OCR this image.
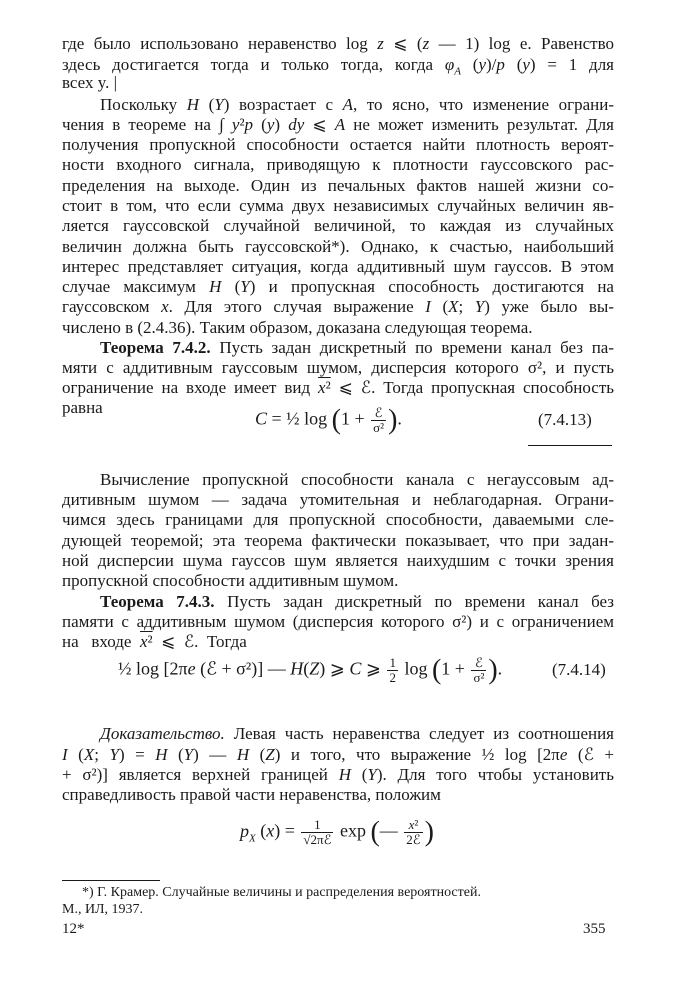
где было использовано неравенство log z ⩽ (z — 1) log e. Равенство
здесь достигается тогда и только тогда, когда $\varphi_A$ (y)/p (y) = 1 для
всех y. |
Поскольку H (Y) возрастает с A, то ясно, что изменение ограни-
чения в теореме на ∫ y²p (y) dy ⩽ A не может изменить результат. Для
получения пропускной способности остается найти плотность вероят-
ности входного сигнала, приводящую к плотности гауссовского рас-
пределения на выходе. Один из печальных фактов нашей жизни со-
стоит в том, что если сумма двух независимых случайных величин яв-
ляется гауссовской случайной величиной, то каждая из случайных
величин должна быть гауссовской*). Однако, к счастью, наибольший
интерес представляет ситуация, когда аддитивный шум гауссов. В этом
случае максимум H (Y) и пропускная способность достигаются на
гауссовском x. Для этого случая выражение I (X; Y) уже было вы-
числено в (2.4.36). Таким образом, доказана следующая теорема.
Теорема 7.4.2. Пусть задан дискретный по времени канал без па-
мяти с аддитивным гауссовым шумом, дисперсия которого σ², и пусть
ограничение на входе имеет вид x² ⩽ ℰ. Тогда пропускная способность
равна
C = ½ $\log (1 + \frac{\text{ℰ}}{\text{σ²}}$ ).	(7.4.13)
Вычисление пропускной способности канала с негауссовым ад-
дитивным шумом — задача утомительная и неблагодарная. Ограни-
чимся здесь границами для пропускной способности, даваемыми сле-
дующей теоремой; эта теорема фактически показывает, что при задан-
ной дисперсии шума гауссов шум является наихудшим с точки зрения
пропускной способности аддитивным шумом.
Теорема 7.4.3. Пусть задан дискретный по времени канал без
памяти с аддитивным шумом (дисперсия которого σ²) и с ограничением
на   входе  x²  ⩽  ℰ.  Тогда
½ log [2πe (ℰ + σ²)] — H(Z) ⩾ C ⩾ $\frac{1}{2}$ $\log (1 + \frac{\text{ℰ}}{\text{σ²}}$ ).	(7.4.14)
Доказательство. Левая часть неравенства следует из соотношения
I (X; Y) = H (Y) — H (Z) и того, что выражение ½ log [2πe (ℰ +
+ σ²)] является верхней границей H (Y). Для того чтобы установить
справедливость правой части неравенства, положим
$p_X$ $(x) = \frac{1}{\text{√2πℰ}}$ exp (— $\frac{\text{x²}}{\text{2ℰ}}$ )
*) Г. Крамер. Случайные величины и распределения вероятностей.
М., ИЛ, 1937.
12*	355
